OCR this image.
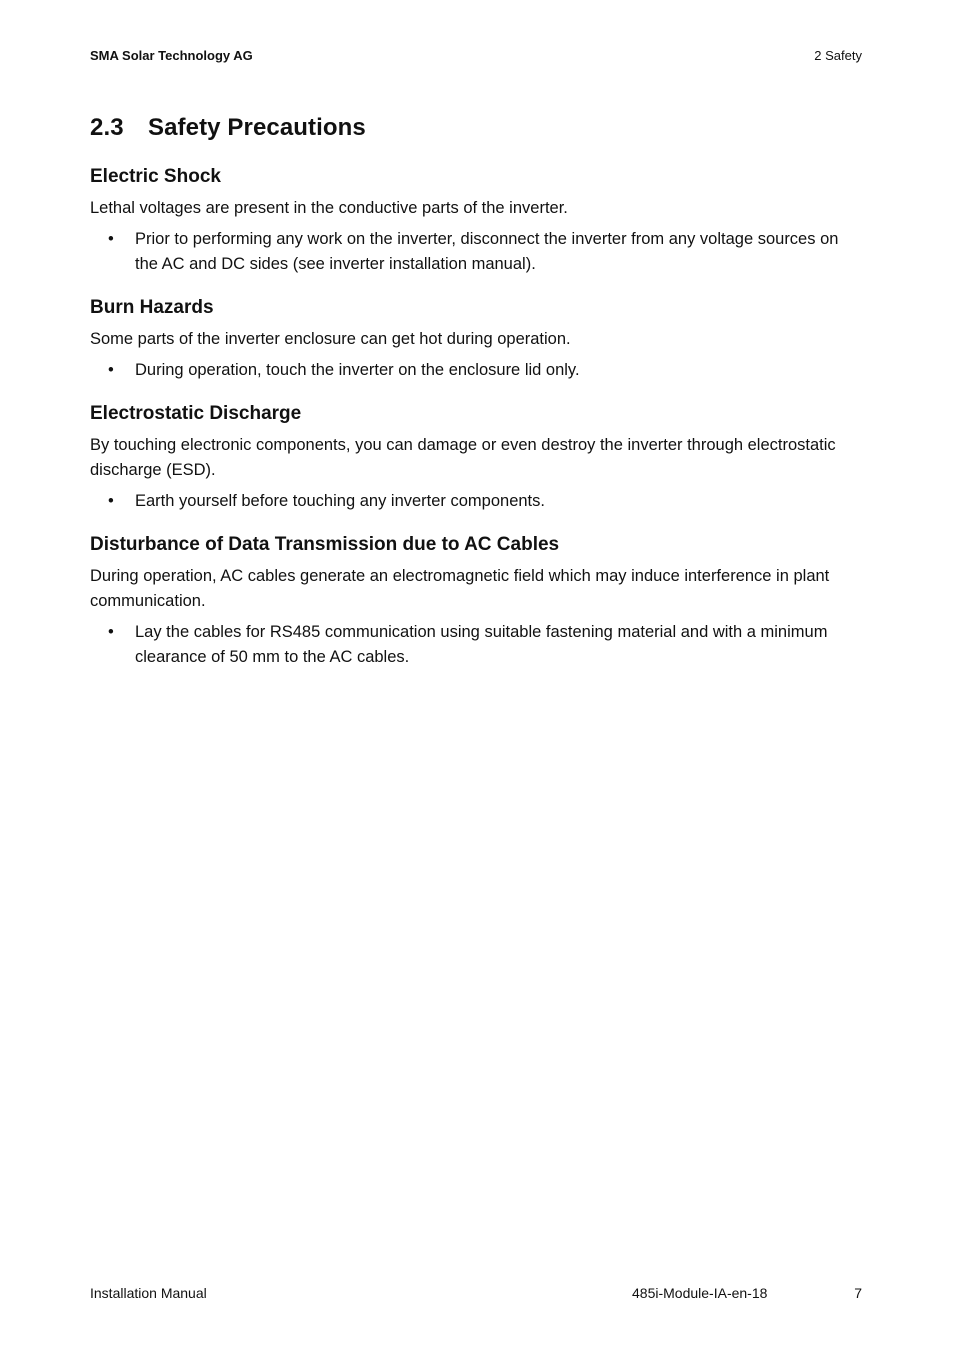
SMA Solar Technology AG	2 Safety
2.3 Safety Precautions
Electric Shock

Lethal voltages are present in the conductive parts of the inverter.

• Prior to performing any work on the inverter, disconnect the inverter from any voltage sources on the AC and DC sides (see inverter installation manual).
Burn Hazards

Some parts of the inverter enclosure can get hot during operation.

• During operation, touch the inverter on the enclosure lid only.
Electrostatic Discharge

By touching electronic components, you can damage or even destroy the inverter through electrostatic discharge (ESD).

• Earth yourself before touching any inverter components.
Disturbance of Data Transmission due to AC Cables

During operation, AC cables generate an electromagnetic field which may induce interference in plant communication.

• Lay the cables for RS485 communication using suitable fastening material and with a minimum clearance of 50 mm to the AC cables.
Installation Manual	485i-Module-IA-en-18	7
